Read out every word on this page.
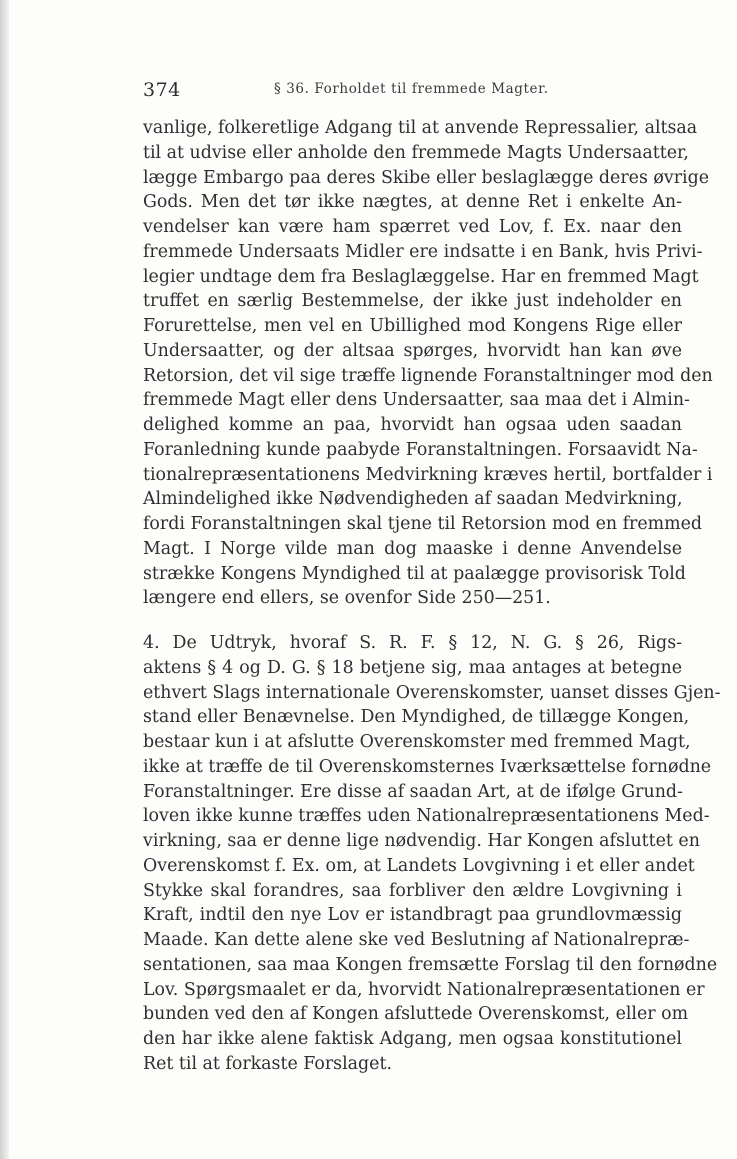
374	§ 36. Forholdet til fremmede Magter.
vanlige, folkeretlige Adgang til at anvende Repressalier, altsaa
til at udvise eller anholde den fremmede Magts Undersaatter,
lægge Embargo paa deres Skibe eller beslaglægge deres øvrige
Gods. Men det tør ikke nægtes, at denne Ret i enkelte An-
vendelser kan være ham spærret ved Lov, f. Ex. naar den
fremmede Undersaats Midler ere indsatte i en Bank, hvis Privi-
legier undtage dem fra Beslaglæggelse. Har en fremmed Magt
truffet en særlig Bestemmelse, der ikke just indeholder en
Forurettelse, men vel en Ubillighed mod Kongens Rige eller
Undersaatter, og der altsaa spørges, hvorvidt han kan øve
Retorsion, det vil sige træffe lignende Foranstaltninger mod den
fremmede Magt eller dens Undersaatter, saa maa det i Almin-
delighed komme an paa, hvorvidt han ogsaa uden saadan
Foranledning kunde paabyde Foranstaltningen. Forsaavidt Na-
tionalrepræsentationens Medvirkning kræves hertil, bortfalder i
Almindelighed ikke Nødvendigheden af saadan Medvirkning,
fordi Foranstaltningen skal tjene til Retorsion mod en fremmed
Magt. I Norge vilde man dog maaske i denne Anvendelse
strække Kongens Myndighed til at paalægge provisorisk Told
længere end ellers, se ovenfor Side 250—251.
4. De Udtryk, hvoraf S. R. F. § 12, N. G. § 26, Rigs-
aktens § 4 og D. G. § 18 betjene sig, maa antages at betegne
ethvert Slags internationale Overenskomster, uanset disses Gjen-
stand eller Benævnelse. Den Myndighed, de tillægge Kongen,
bestaar kun i at afslutte Overenskomster med fremmed Magt,
ikke at træffe de til Overenskomsternes Iværksættelse fornødne
Foranstaltninger. Ere disse af saadan Art, at de ifølge Grund-
loven ikke kunne træffes uden Nationalrepræsentationens Med-
virkning, saa er denne lige nødvendig. Har Kongen afsluttet en
Overenskomst f. Ex. om, at Landets Lovgivning i et eller andet
Stykke skal forandres, saa forbliver den ældre Lovgivning i
Kraft, indtil den nye Lov er istandbragt paa grundlovmæssig
Maade. Kan dette alene ske ved Beslutning af Nationalrepræ-
sentationen, saa maa Kongen fremsætte Forslag til den fornødne
Lov. Spørgsmaalet er da, hvorvidt Nationalrepræsentationen er
bunden ved den af Kongen afsluttede Overenskomst, eller om
den har ikke alene faktisk Adgang, men ogsaa konstitutionel
Ret til at forkaste Forslaget.
